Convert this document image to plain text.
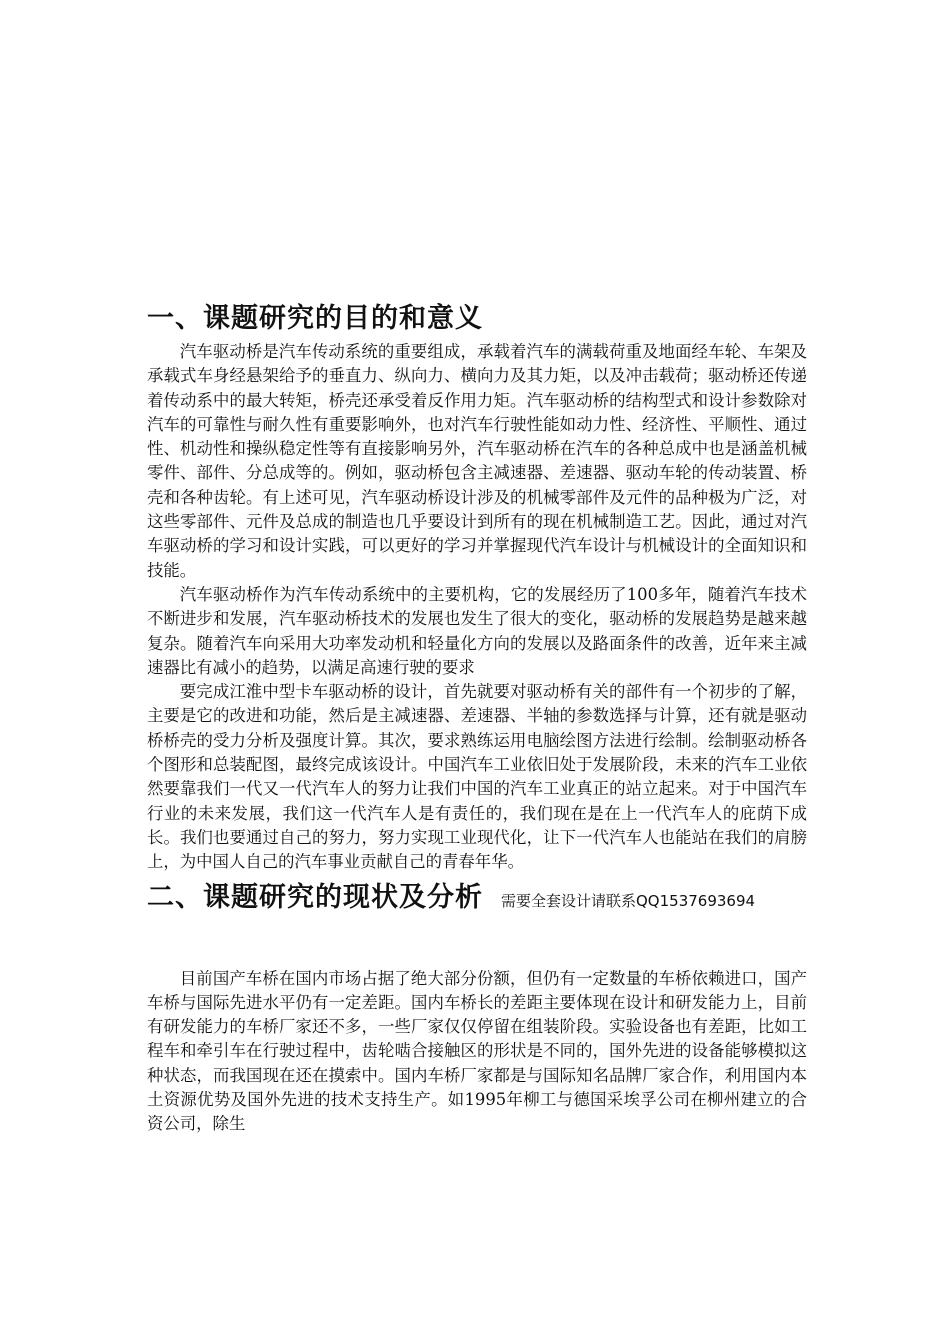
一、课题研究的目的和意义

汽车驱动桥是汽车传动系统的重要组成，承载着汽车的满载荷重及地面经车轮、车架及承载式车身经悬架给予的垂直力、纵向力、横向力及其力矩，以及冲击载荷；驱动桥还传递着传动系中的最大转矩，桥壳还承受着反作用力矩。汽车驱动桥的结构型式和设计参数除对汽车的可靠性与耐久性有重要影响外，也对汽车行驶性能如动力性、经济性、平顺性、通过性、机动性和操纵稳定性等有直接影响另外，汽车驱动桥在汽车的各种总成中也是涵盖机械零件、部件、分总成等的。例如，驱动桥包含主减速器、差速器、驱动车轮的传动装置、桥壳和各种齿轮。有上述可见，汽车驱动桥设计涉及的机械零部件及元件的品种极为广泛，对这些零部件、元件及总成的制造也几乎要设计到所有的现在机械制造工艺。因此，通过对汽车驱动桥的学习和设计实践，可以更好的学习并掌握现代汽车设计与机械设计的全面知识和技能。

汽车驱动桥作为汽车传动系统中的主要机构，它的发展经历了100多年，随着汽车技术不断进步和发展，汽车驱动桥技术的发展也发生了很大的变化，驱动桥的发展趋势是越来越复杂。随着汽车向采用大功率发动机和轻量化方向的发展以及路面条件的改善，近年来主减速器比有减小的趋势，以满足高速行驶的要求

要完成江淮中型卡车驱动桥的设计，首先就要对驱动桥有关的部件有一个初步的了解，主要是它的改进和功能，然后是主减速器、差速器、半轴的参数选择与计算，还有就是驱动桥桥壳的受力分析及强度计算。其次，要求熟练运用电脑绘图方法进行绘制。绘制驱动桥各个图形和总装配图，最终完成该设计。中国汽车工业依旧处于发展阶段，未来的汽车工业依然要靠我们一代又一代汽车人的努力让我们中国的汽车工业真正的站立起来。对于中国汽车行业的未来发展，我们这一代汽车人是有责任的，我们现在是在上一代汽车人的庇荫下成长。我们也要通过自己的努力，努力实现工业现代化，让下一代汽车人也能站在我们的肩膀上，为中国人自己的汽车事业贡献自己的青春年华。

二、课题研究的现状及分析 需要全套设计请联系QQ1537693694

目前国产车桥在国内市场占据了绝大部分份额，但仍有一定数量的车桥依赖进口，国产车桥与国际先进水平仍有一定差距。国内车桥长的差距主要体现在设计和研发能力上，目前有研发能力的车桥厂家还不多，一些厂家仅仅停留在组装阶段。实验设备也有差距，比如工程车和牵引车在行驶过程中，齿轮啮合接触区的形状是不同的，国外先进的设备能够模拟这种状态，而我国现在还在摸索中。国内车桥厂家都是与国际知名品牌厂家合作，利用国内本土资源优势及国外先进的技术支持生产。如1995年柳工与德国采埃孚公司在柳州建立的合资公司，除生
